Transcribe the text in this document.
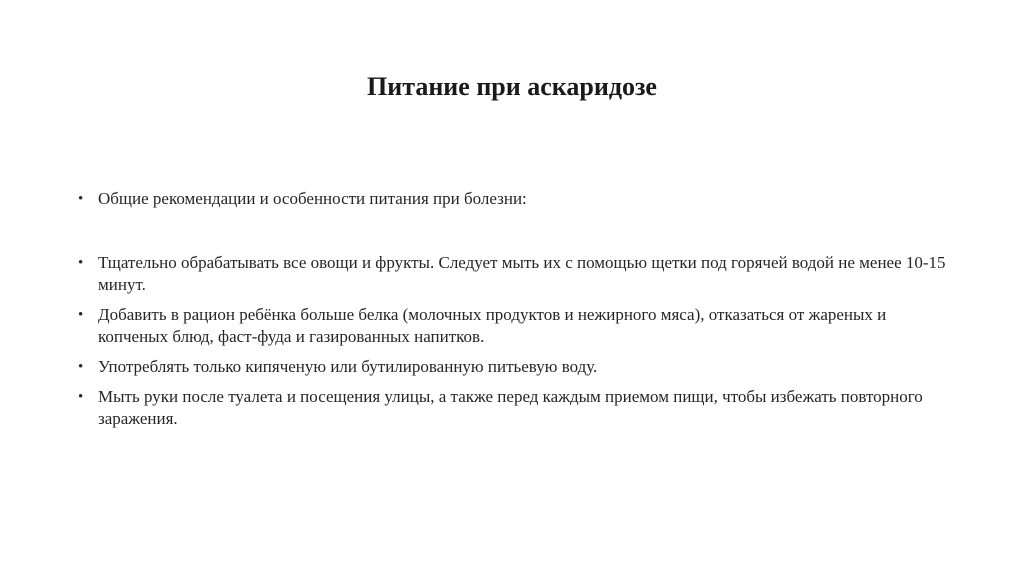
Питание при аскаридозе
• Общие рекомендации и особенности питания при болезни:
• Тщательно обрабатывать все овощи и фрукты. Следует мыть их с помощью щетки под горячей водой не менее 10-15 минут.
• Добавить в рацион ребёнка больше белка (молочных продуктов и нежирного мяса), отказаться от жареных и копченых блюд, фаст-фуда и газированных напитков.
• Употреблять только кипяченую или бутилированную питьевую воду.
• Мыть руки после туалета и посещения улицы, а также перед каждым приемом пищи, чтобы избежать повторного заражения.
